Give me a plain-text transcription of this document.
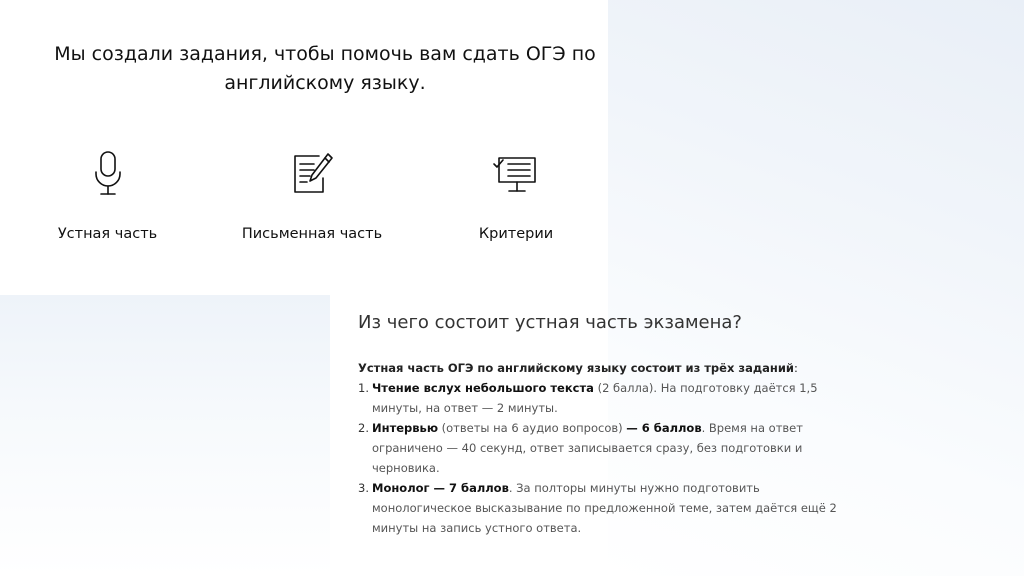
Мы создали задания, чтобы помочь вам сдать ОГЭ по английскому языку.
Устная часть	Письменная часть	Критерии
Из чего состоит устная часть экзамена?

Устная часть ОГЭ по английскому языку состоит из трёх заданий:

1. Чтение вслух небольшого текста (2 балла). На подготовку даётся 1,5 минуты, на ответ — 2 минуты.
2. Интервью (ответы на 6 аудио вопросов) — 6 баллов. Время на ответ ограничено — 40 секунд, ответ записывается сразу, без подготовки и черновика.
3. Монолог — 7 баллов. За полторы минуты нужно подготовить монологическое высказывание по предложенной теме, затем даётся ещё 2 минуты на запись устного ответа.
